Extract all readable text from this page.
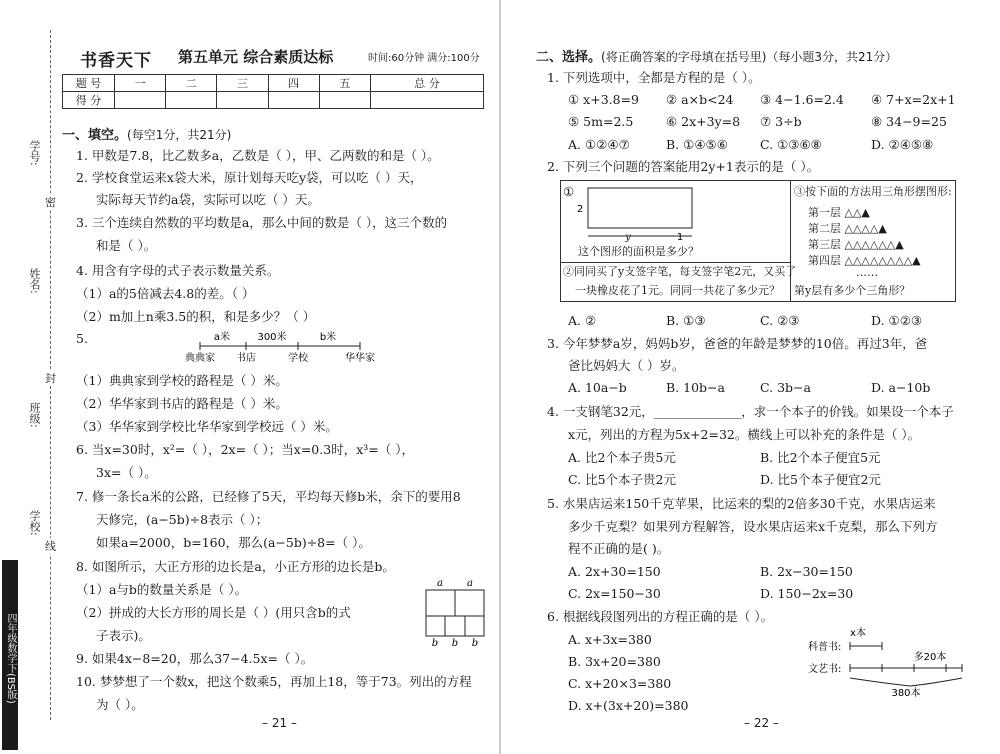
学号:
姓名:
班级:
学校:
密
封
线
四年级数学下(BS版)
书香天下 第五单元 综合素质达标	时间:60分钟 满分:100分
题 号	一	二	三	四	五	总 分
得 分						
一、填空。(每空1分，共21分)
1. 甲数是7.8，比乙数多a，乙数是（ ），甲、乙两数的和是（ ）。
2. 学校食堂运来x袋大米，原计划每天吃y袋，可以吃（ ）天，
实际每天节约a袋，实际可以吃（ ）天。
3. 三个连续自然数的平均数是a，那么中间的数是（ ），这三个数的
和是（ ）。
4. 用含有字母的式子表示数量关系。
（1）a的5倍减去4.8的差。（ ）
（2）m加上n乘3.5的积，和是多少？（ ）
5.	a米	300米	b米
典典家 书店	学校	华华家
（1）典典家到学校的路程是（ ）米。
（2）华华家到书店的路程是（ ）米。
（3）华华家到学校比华华家到学校远（ ）米。
6. 当x=30时，x²=（ ），2x=（ ）；当x=0.3时，x³=（ ），
3x=（ ）。
7. 修一条长a米的公路，已经修了5天，平均每天修b米，余下的要用8
天修完，(a−5b)÷8表示（ ）；
如果a=2000，b=160，那么(a−5b)÷8=（ ）。
8. 如图所示，大正方形的边长是a，小正方形的边长是b。
（1）a与b的数量关系是（ ）。
（2）拼成的大长方形的周长是（ ）(用只含b的式
子表示)。
a a
b b b
9. 如果4x−8=20，那么37−4.5x=（ ）。
10. 梦梦想了一个数x，把这个数乘5，再加上18，等于73。列出的方程
为（ ）。
– 21 –
二、选择。(将正确答案的字母填在括号里)（每小题3分，共21分）
1. 下列选项中，全都是方程的是（ ）。
① x+3.8=9 ② a×b<24 ③ 4−1.6=2.4 ④ 7+x=2x+1
⑤ 5m=2.5	⑥ 2x+3y=8 ⑦ 3÷b	⑧ 34−9=25
A. ①②④⑦	B. ①④⑤⑥	C. ①③⑥⑧	D. ②④⑤⑧
2. 下列三个问题的答案能用2y+1表示的是（ ）。
①
2
y	1
这个图形的面积是多少？
②同同买了y支签字笔，每支签字笔2元，又买了
一块橡皮花了1元。同同一共花了多少元？
③按下面的方法用三角形摆图形:
第一层 △△▲
第二层 △△△△▲
第三层 △△△△△△▲
第四层 △△△△△△△△▲
……
第y层有多少个三角形？
A. ②	B. ①③	C. ②③	D. ①②③
3. 今年梦梦a岁，妈妈b岁，爸爸的年龄是梦梦的10倍。再过3年，爸
爸比妈妈大（ ）岁。
A. 10a−b	B. 10b−a	C. 3b−a	D. a−10b
4. 一支钢笔32元，______________，求一个本子的价钱。如果设一个本子
x元，列出的方程为5x+2=32。横线上可以补充的条件是（ ）。
A. 比2个本子贵5元	B. 比2个本子便宜5元
C. 比5个本子贵2元	D. 比5个本子便宜2元
5. 水果店运来150千克苹果，比运来的梨的2倍多30千克，水果店运来
多少千克梨？如果列方程解答，设水果店运来x千克梨，那么下列方
程不正确的是( )。
A. 2x+30=150	B. 2x−30=150
C. 2x=150−30	D. 150−2x=30
6. 根据线段图列出的方程正确的是（ ）。
A. x+3x=380
B. 3x+20=380
C. x+20×3=380
D. x+(3x+20)=380
x本
科普书:
多20本
文艺书:
380本
– 22 –
